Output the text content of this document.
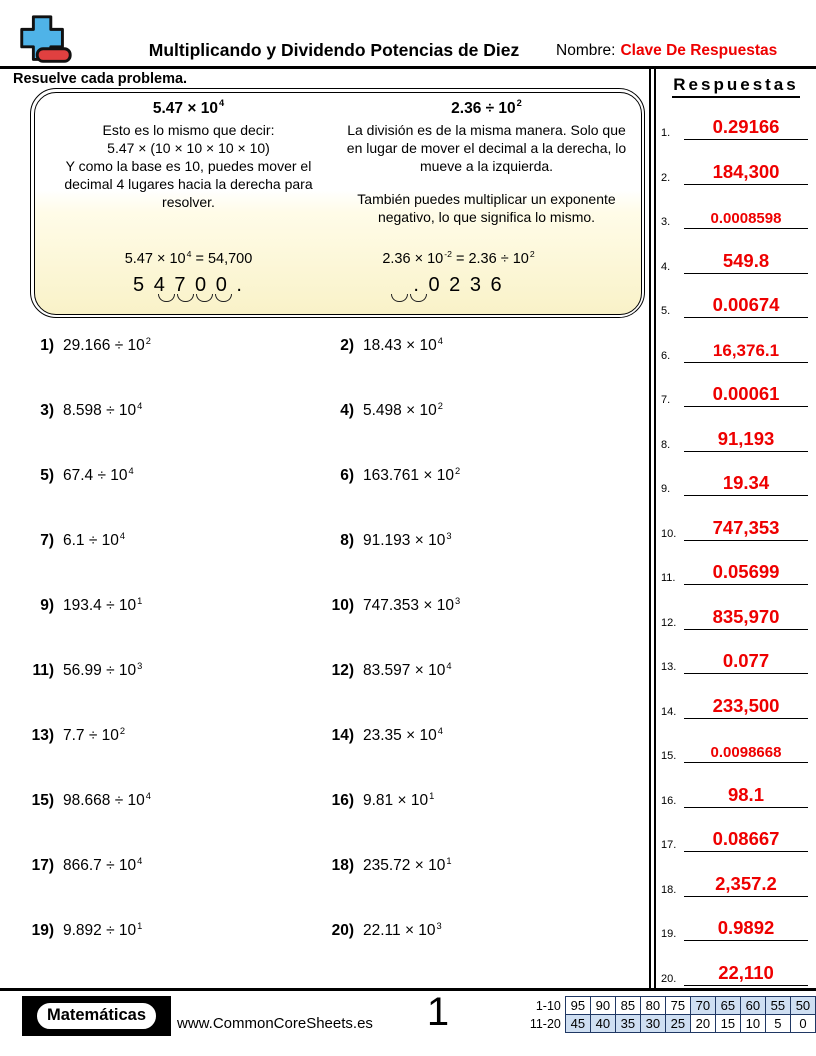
Multiplicando y Dividendo Potencias de Diez	Nombre: Clave De Respuestas
Resuelve cada problema.	Respuestas
1.	0.29166
2.	184,300
3.	0.0008598
4.	549.8
5.	0.00674
6.	16,376.1
7.	0.00061
8.	91,193
9.	19.34
10.	747,353
11.	0.05699
12.	835,970
13.	0.077
14.	233,500
15.	0.0098668
16.	98.1
17.	0.08667
18.	2,357.2
19.	0.9892
20.	22,110
$5.47 \times 10^4$
Esto es lo mismo que decir:
5.47 × (10 × 10 × 10 × 10)
Y como la base es 10, puedes mover el decimal 4 lugares hacia la derecha para resolver.
$2.36 \div 10^2$
La división es de la misma manera. Solo que en lugar de mover el decimal a la derecha, lo mueve a la izquierda.
También puedes multiplicar un exponente negativo, lo que significa lo mismo.
$5.47 \times 10^4 = 54,700$	$2.36 \times 10^{-2} = 2.36 \div 10^2$
5 4 7 0 0 .	. 0 2 3 6
1) $29.166 \div 10^2$	2) $18.43 \times 10^4$
3) $8.598 \div 10^4$	4) $5.498 \times 10^2$
5) $67.4 \div 10^4$	6) $163.761 \times 10^2$
7) $6.1 \div 10^4$	8) $91.193 \times 10^3$
9) $193.4 \div 10^1$	10) $747.353 \times 10^3$
11) $56.99 \div 10^3$	12) $83.597 \times 10^4$
13) $7.7 \div 10^2$	14) $23.35 \times 10^4$
15) $98.668 \div 10^4$	16) $9.81 \times 10^1$
17) $866.7 \div 10^4$	18) $235.72 \times 10^1$
19) $9.892 \div 10^1$	20) $22.11 \times 10^3$
Matemáticas	www.CommonCoreSheets.es 1	1-10	95	90	85	80	75	70	65	60	55	50
11-20	45	40	35	30	25	20	15	10	5	0
